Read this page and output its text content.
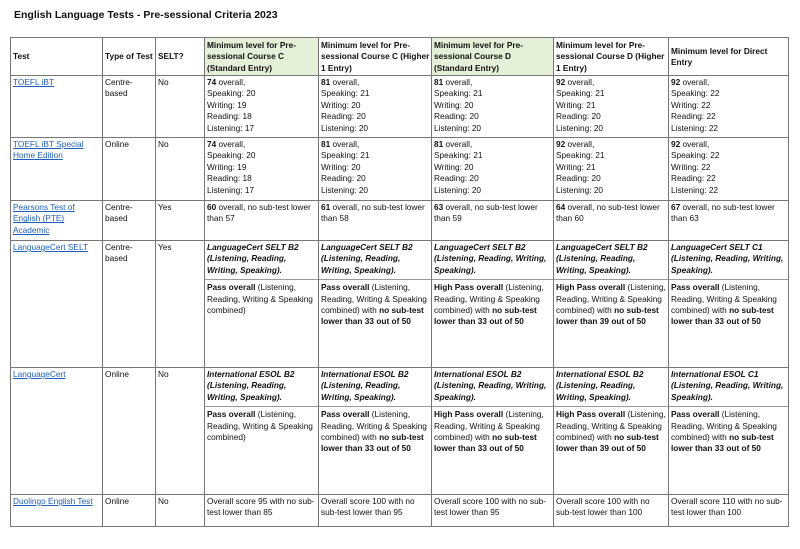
English Language Tests - Pre-sessional Criteria 2023
Test	Type of Test	SELT?	Minimum level for Pre-sessional Course C (Standard Entry)	Minimum level for Pre-sessional Course C (Higher 1 Entry)	Minimum level for Pre-sessional Course D (Standard Entry)	Minimum level for Pre-sessional Course D (Higher 1 Entry)	Minimum level for Direct Entry
TOEFL iBT	Centre-based	No	74 overall,
Speaking: 20
Writing: 19
Reading: 18
Listening: 17	81 overall,
Speaking: 21
Writing: 20
Reading: 20
Listening: 20	81 overall,
Speaking: 21
Writing: 20
Reading: 20
Listening: 20	92 overall,
Speaking: 21
Writing: 21
Reading: 20
Listening: 20	92 overall,
Speaking: 22
Writing: 22
Reading: 22
Listening: 22

TOEFL iBT Special Home Edition	Online	No	74 overall,
Speaking: 20
Writing: 19
Reading: 18
Listening: 17	81 overall,
Speaking: 21
Writing: 20
Reading: 20
Listening: 20	81 overall,
Speaking: 21
Writing: 20
Reading: 20
Listening: 20	92 overall,
Speaking: 21
Writing: 21
Reading: 20
Listening: 20	92 overall,
Speaking: 22
Writing: 22
Reading: 22
Listening: 22

Pearsons Test of English (PTE) Academic	Centre-based	Yes	60 overall, no sub-test lower than 57	61 overall, no sub-test lower than 58	63 overall, no sub-test lower than 59	64 overall, no sub-test lower than 60	67 overall, no sub-test lower than 63
LanguageCert SELT	Centre-based	Yes	LanguageCert SELT B2 (Listening, Reading, Writing, Speaking).
Pass overall (Listening, Reading, Writing & Speaking combined)	LanguageCert SELT B2 (Listening, Reading, Writing, Speaking).
Pass overall (Listening, Reading, Writing & Speaking combined) with no sub-test lower than 33 out of 50	LanguageCert SELT B2 (Listening, Reading, Writing, Speaking).
High Pass overall (Listening, Reading, Writing & Speaking combined) with no sub-test lower than 33 out of 50	LanguageCert SELT B2 (Listening, Reading, Writing, Speaking).
High Pass overall (Listening, Reading, Writing & Speaking combined) with no sub-test lower than 39 out of 50	LanguageCert SELT C1 (Listening, Reading, Writing, Speaking).
Pass overall (Listening, Reading, Writing & Speaking combined) with no sub-test lower than 33 out of 50
LanguageCert	Online	No	International ESOL B2 (Listening, Reading, Writing, Speaking).
Pass overall (Listening, Reading, Writing & Speaking combined)	International ESOL B2 (Listening, Reading, Writing, Speaking).
Pass overall (Listening, Reading, Writing & Speaking combined) with no sub-test lower than 33 out of 50	International ESOL B2 (Listening, Reading, Writing, Speaking).
High Pass overall (Listening, Reading, Writing & Speaking combined) with no sub-test lower than 33 out of 50	International ESOL B2 (Listening, Reading, Writing, Speaking).
High Pass overall (Listening, Reading, Writing & Speaking combined) with no sub-test lower than 39 out of 50	International ESOL C1 (Listening, Reading, Writing, Speaking).
Pass overall (Listening, Reading, Writing & Speaking combined) with no sub-test lower than 33 out of 50
Duolingo English Test	Online	No	Overall score 95 with no sub-test lower than 85	Overall score 100 with no sub-test lower than 95	Overall score 100 with no sub-test lower than 95	Overall score 100 with no sub-test lower than 100	Overall score 110 with no sub-test lower than 100
